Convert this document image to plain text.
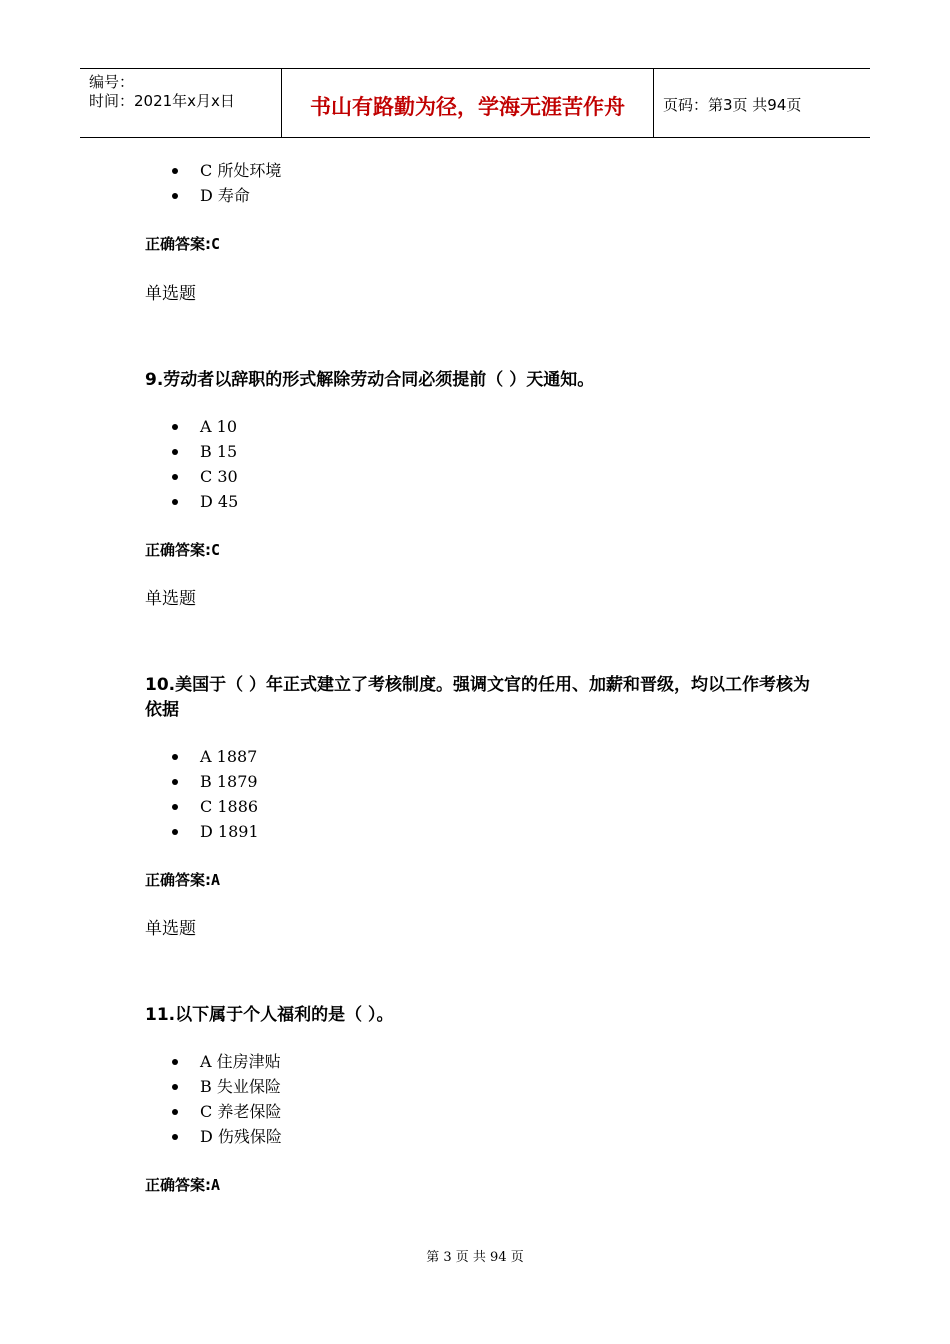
编号：
时间：2021年x月x日	书山有路勤为径，学海无涯苦作舟	页码：第3页 共94页
C 所处环境
D 寿命
正确答案:C
单选题
9.劳动者以辞职的形式解除劳动合同必须提前（ ）天通知。
A 10
B 15
C 30
D 45
正确答案:C
单选题
10.美国于（ ）年正式建立了考核制度。强调文官的任用、加薪和晋级，均以工作考核为依据
A 1887
B 1879
C 1886
D 1891
正确答案:A
单选题
11.以下属于个人福利的是（ ）。
A 住房津贴
B 失业保险
C 养老保险
D 伤残保险
正确答案:A
第 3 页 共 94 页
